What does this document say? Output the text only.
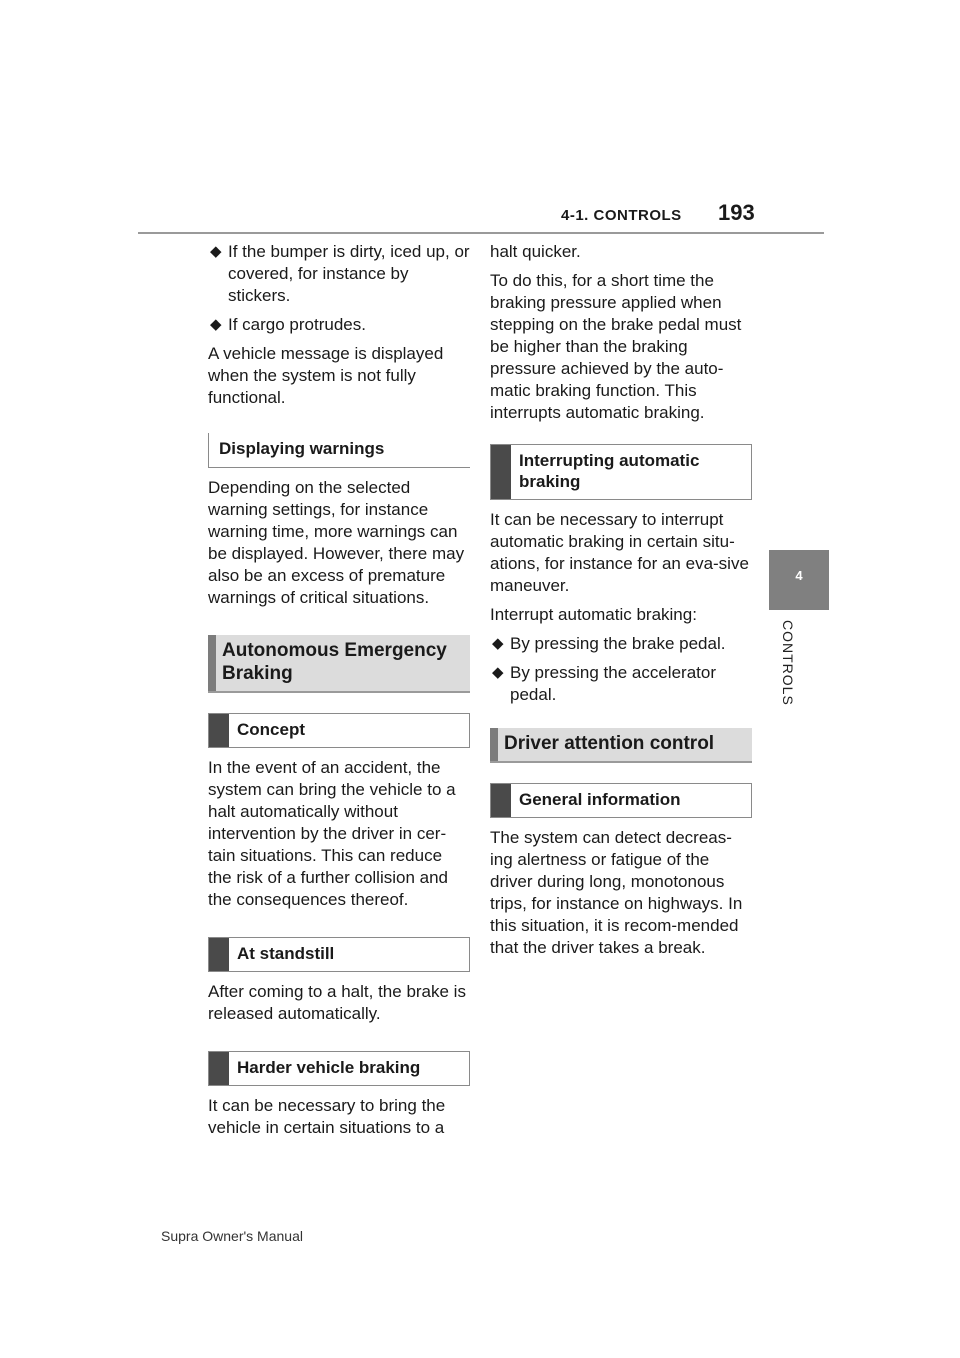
4-1. CONTROLS 193
4
CONTROLS

◆ If the bumper is dirty, iced up, or covered, for instance by stickers.

◆ If cargo protrudes.

A vehicle message is displayed when the system is not fully functional.

Displaying warnings

Depending on the selected warning settings, for instance warning time, more warnings can be displayed. However, there may also be an excess of premature warnings of critical situations.

Autonomous Emergency Braking
Concept

In the event of an accident, the system can bring the vehicle to a halt automatically without intervention by the driver in cer-tain situations. This can reduce the risk of a further collision and the consequences thereof.

At standstill

After coming to a halt, the brake is released automatically.

Harder vehicle braking

It can be necessary to bring the vehicle in certain situations to a

halt quicker.

To do this, for a short time the braking pressure applied when stepping on the brake pedal must be higher than the braking pressure achieved by the auto-matic braking function. This interrupts automatic braking.

Interrupting automatic braking

It can be necessary to interrupt automatic braking in certain situ-ations, for instance for an eva-sive maneuver.

Interrupt automatic braking:

◆ By pressing the brake pedal.

◆ By pressing the accelerator pedal.

Driver attention control
General information

The system can detect decreas-ing alertness or fatigue of the driver during long, monotonous trips, for instance on highways. In this situation, it is recom-mended that the driver takes a break.

Supra Owner's Manual
